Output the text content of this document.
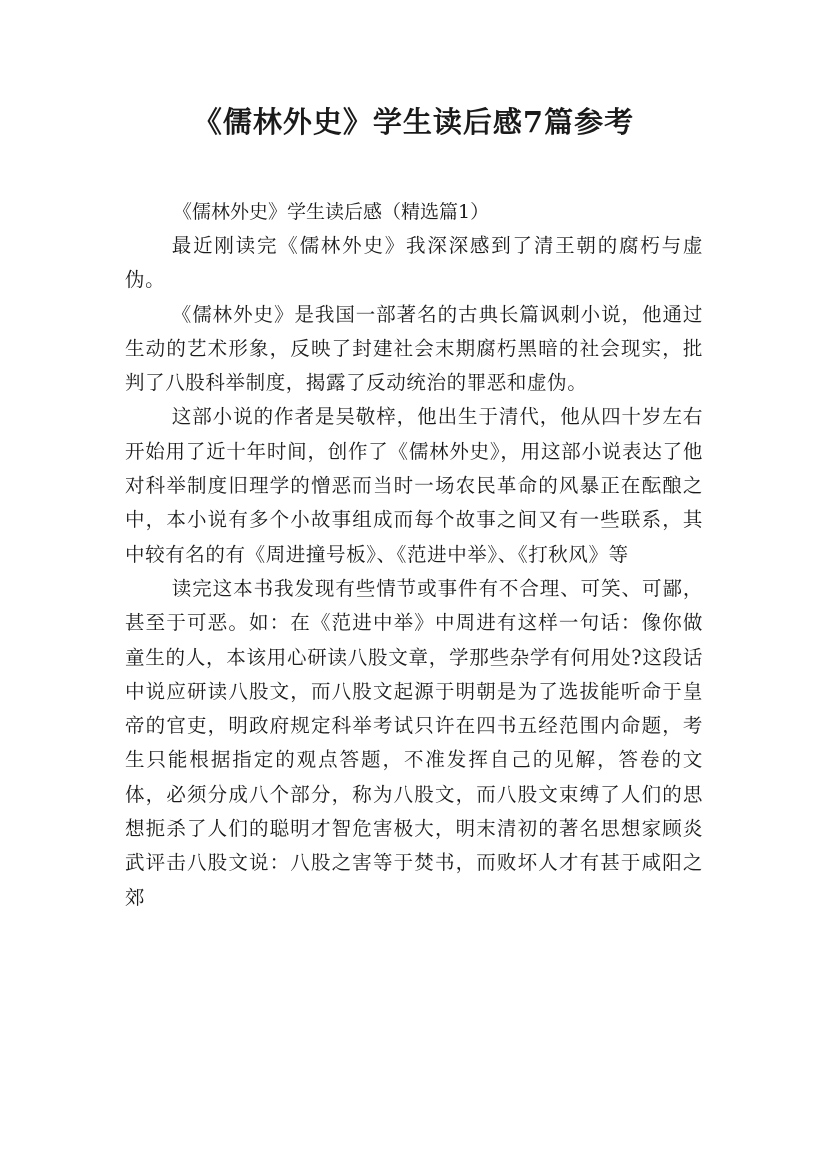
《儒林外史》学生读后感7篇参考

《儒林外史》学生读后感（精选篇1）

最近刚读完《儒林外史》我深深感到了清王朝的腐朽与虚伪。

《儒林外史》是我国一部著名的古典长篇讽刺小说，他通过生动的艺术形象，反映了封建社会末期腐朽黑暗的社会现实，批判了八股科举制度，揭露了反动统治的罪恶和虚伪。

这部小说的作者是吴敬梓，他出生于清代，他从四十岁左右开始用了近十年时间，创作了《儒林外史》，用这部小说表达了他对科举制度旧理学的憎恶而当时一场农民革命的风暴正在酝酿之中，本小说有多个小故事组成而每个故事之间又有一些联系，其中较有名的有《周进撞号板》、《范进中举》、《打秋风》等

读完这本书我发现有些情节或事件有不合理、可笑、可鄙，甚至于可恶。如：在《范进中举》中周进有这样一句话：像你做童生的人，本该用心研读八股文章，学那些杂学有何用处?这段话中说应研读八股文，而八股文起源于明朝是为了选拔能听命于皇帝的官吏，明政府规定科举考试只许在四书五经范围内命题，考生只能根据指定的观点答题，不准发挥自己的见解，答卷的文体，必须分成八个部分，称为八股文，而八股文束缚了人们的思想扼杀了人们的聪明才智危害极大，明末清初的著名思想家顾炎武评击八股文说：八股之害等于焚书，而败坏人才有甚于咸阳之郊
